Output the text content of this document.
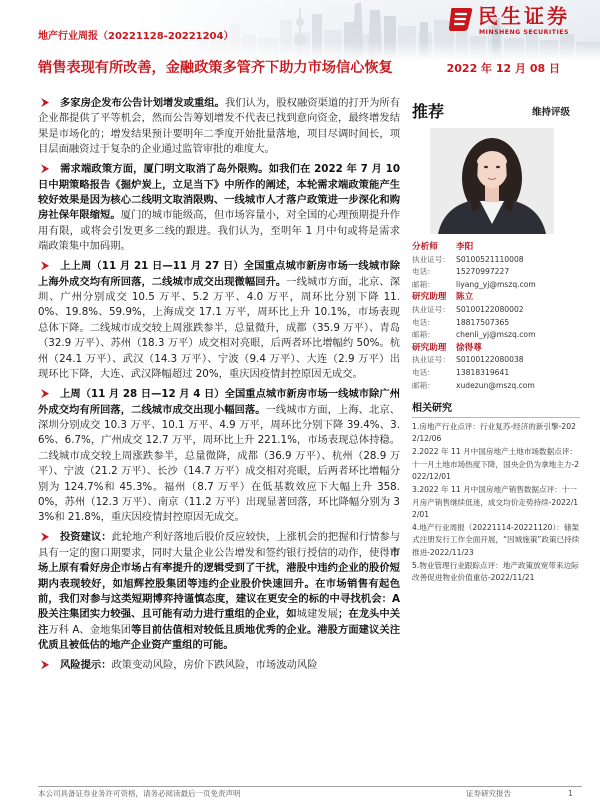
民生证券
MINSHENG SECURITIES
地产行业周报（20221128-20221204）
销售表现有所改善，金融政策多管齐下助力市场信心恢复	2022 年 12 月 08 日

多家房企发布公告计划增发或重组。我们认为，股权融资渠道的打开为所有企业都提供了平等机会，然而公告筹划增发不代表已找到意向资金，最终增发结果是市场化的；增发结果预计要明年二季度开始批量落地，项目尽调时间长，项目层面融资过于复杂的企业通过监管审批的难度大。

需求端政策方面，厦门明文取消了岛外限购。如我们在 2022 年 7 月 10 日中期策略报告《掘炉炭上，立足当下》中所作的阐述，本轮需求端政策能产生较好效果是因为核心二线明文取消限购、一线城市人才落户政策进一步深化和购房社保年限缩短。厦门的城市能级高，但市场容量小，对全国的心理预期提升作用有限，或将会引发更多二线的跟进。我们认为，至明年 1 月中旬或将是需求端政策集中加码期。

上上周（11 月 21 日—11 月 27 日）全国重点城市新房市场一线城市除上海外成交均有所回落，二线城市成交出现微幅回升。一线城市方面，北京、深圳、广州分别成交 10.5 万平、5.2 万平、4.0 万平，周环比分别下降 11.0%、19.8%、59.9%，上海成交 17.1 万平，周环比上升 10.1%，市场表现总体下降。二线城市成交较上周涨跌参半，总量微升，成都（35.9 万平）、青岛（32.9 万平）、苏州（18.3 万平）成交相对亮眼，后两者环比增幅约 50%。杭州（24.1 万平）、武汉（14.3 万平）、宁波（9.4 万平）、大连（2.9 万平）出现环比下降，大连、武汉降幅超过 20%，重庆因疫情封控原因无成交。

上周（11 月 28 日—12 月 4 日）全国重点城市新房市场一线城市除广州外成交均有所回落，二线城市成交出现小幅回落。一线城市方面，上海、北京、深圳分别成交 10.3 万平、10.1 万平、4.9 万平，周环比分别下降 39.4%、3.6%、6.7%，广州成交 12.7 万平，周环比上升 221.1%，市场表现总体持稳。二线城市成交较上周涨跌参半，总量微降，成都（36.9 万平）、杭州（28.9 万平）、宁波（21.2 万平）、长沙（14.7 万平）成交相对亮眼，后两者环比增幅分别为 124.7%和 45.3%。福州（8.7 万平）在低基数效应下大幅上升 358.0%，苏州（12.3 万平）、南京（11.2 万平）出现显著回落，环比降幅分别为 33%和 21.8%，重庆因疫情封控原因无成交。

投资建议：此轮地产利好落地后股价反应较快，上涨机会的把握和行情参与具有一定的窗口期要求，同时大量企业公告增发和签约银行授信的动作，使得市场上原有看好房企市场占有率提升的逻辑受到了干扰，港股中违约企业的股价短期内表现较好，如旭辉控股集团等违约企业股价快速回升。在市场销售有起色前，我们对参与这类短期博弈持谨慎态度，建议在更安全的标的中寻找机会：A 股关注集团实力较强、且可能有动力进行重组的企业，如城建发展；在龙头中关注万科 A、金地集团等目前估值相对较低且质地优秀的企业。港股方面建议关注优质且被低估的地产企业资产重组的可能。

风险提示：政策变动风险，房价下跌风险，市场波动风险

推荐	维持评级
分析师	李阳
执业证号： S0100521110008
电话：	15270997227
邮箱：	liyang_yj@mszq.com
研究助理	陈立
执业证号： S0100122080002
电话：	18817507365
邮箱：	chenli_yj@mszq.com
研究助理	徐得尊
执业证号： S0100122080038
电话：	13818319641
邮箱：	xudezun@mszq.com
相关研究
1.房地产行业点评：行业复苏-经济的新引擎-2022/12/06
2.2022 年 11 月中国房地产土地市场数据点评：十一月土地市场热度下降，国央企仍为拿地主力-2022/12/01
3.2022 年 11 月中国房地产销售数据点评：十一月房产销售继续低迷，成交均价走势持续-2022/12/01
4.地产行业周报（20221114-20221120）：储架式注册发行工作全面开展，“因城施策”政策已持续推进-2022/11/23
5.物业管理行业跟踪点评：地产政策放宽带来边际改善促进物业价值重估-2022/11/21
本公司具备证券业务许可资格，请务必阅读最后一页免责声明	证券研究报告	1
